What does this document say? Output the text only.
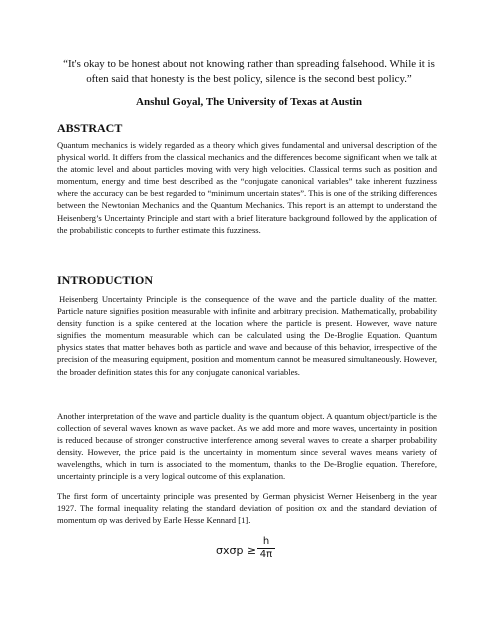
“It's okay to be honest about not knowing rather than spreading falsehood. While it is often said that honesty is the best policy, silence is the second best policy.”
Anshul Goyal, The University of Texas at Austin
ABSTRACT
Quantum mechanics is widely regarded as a theory which gives fundamental and universal description of the physical world. It differs from the classical mechanics and the differences become significant when we talk at the atomic level and about particles moving with very high velocities. Classical terms such as position and momentum, energy and time best described as the “conjugate canonical variables” take inherent fuzziness where the accuracy can be best regarded to “minimum uncertain states”. This is one of the striking differences between the Newtonian Mechanics and the Quantum Mechanics. This report is an attempt to understand the Heisenberg’s Uncertainty Principle and start with a brief literature background followed by the application of the probabilistic concepts to further estimate this fuzziness.
INTRODUCTION
Heisenberg Uncertainty Principle is the consequence of the wave and the particle duality of the matter. Particle nature signifies position measurable with infinite and arbitrary precision. Mathematically, probability density function is a spike centered at the location where the particle is present. However, wave nature signifies the momentum measurable which can be calculated using the De-Broglie Equation. Quantum physics states that matter behaves both as particle and wave and because of this behavior, irrespective of the precision of the measuring equipment, position and momentum cannot be measured simultaneously. However, the broader definition states this for any conjugate canonical variables.
Another interpretation of the wave and particle duality is the quantum object. A quantum object/particle is the collection of several waves known as wave packet. As we add more and more waves, uncertainty in position is reduced because of stronger constructive interference among several waves to create a sharper probability density. However, the price paid is the uncertainty in momentum since several waves means variety of wavelengths, which in turn is associated to the momentum, thanks to the De-Broglie equation. Therefore, uncertainty principle is a very logical outcome of this explanation.
The first form of uncertainty principle was presented by German physicist Werner Heisenberg in the year 1927. The formal inequality relating the standard deviation of position σx and the standard deviation of momentum σp was derived by Earle Hesse Kennard [1].
σxσp ≥
h
4π
